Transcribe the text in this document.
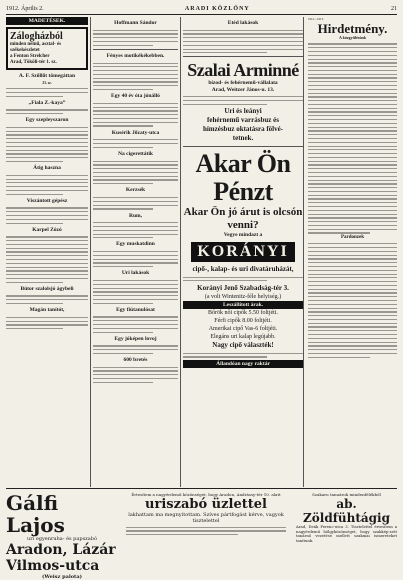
1912. Április 2.	ARADI KÖZLÖNY	21
MADETÉSEK.
Zálogházból
minden nemű, asztal- és
székekészletet
a Fenton Strelcher
Arad, Tököli-tér 1. sz.
A. F. Szőllőt tömegáttan
23. sz.
„Fiala Z.-kaya”
Egy szepleyszaron
Átig haszna
Viszántott gépész
Karpel Zózó
Bútor szalolsjó ágybeli
Magán tanítót,
Hoffmann Sándor
Fényes motikékékebben.
Egy 40 év óta jónálló
Kusérik Jőzaty-utca
Na cigerettátik
Kerzsék
Rum,
Egy muskatdinn
Uri lakások
Egy fiútanulósat
Egy jóképen lovoj
600 bretés
Etéd lakások
Szalai Arminné
bízod- és fehérnemű-vállalata
Arad, Weitzer János-u. 13.
Uri és leányi
fehérnemű varrásbuz és
hímzésbuz oktatásra fölvé-
tetnek.
Akar Ön Pénzt
Akar Ön jó árut is olcsón venni?
Vegye mindazt a
KORÁNYI
cipő-, kalap- és uri divatáruházát,
Korányi Jenő Szabadság-tér 3.
(a volt Wintenitz-féle helyiség.)
Leszállított árak.
Bőrök női cipők 5.50 foltjéti.
Férfi cipők 8.00 foltjéti.
Amerikai cipő Vas-6 foltjéti.
Elegáns uri kalap legújabb.
Nagy cipő választék!
Állandóan nagy raktár
1912—1913.
Hirdetmény.
A közgyűlésünk
Pardonzek
Gálfi Lajos
uri egyenruha- és papszabó
Aradon, Lázár Vilmos-utca
(Weisz palota)
Értesítem a nagyérdemű közönséget, hogy Aradon, Andrássy-tér 10. alatt
uriszabó üzlettel
lakhattam ma megnyitottam. Szíves pártfogást kérve, vagyok tisztelettel
Szakaru tanuárok mindenfélékből
ab. Zöldfühtágig
Arad, Deák Ferenc-utca 3. Tisztelettel értesítem a nagyérdemű hölgyközönséget, hogy szakkép-zett tanárnő vezetése mellett szakmai ismereteket tanítunk.
